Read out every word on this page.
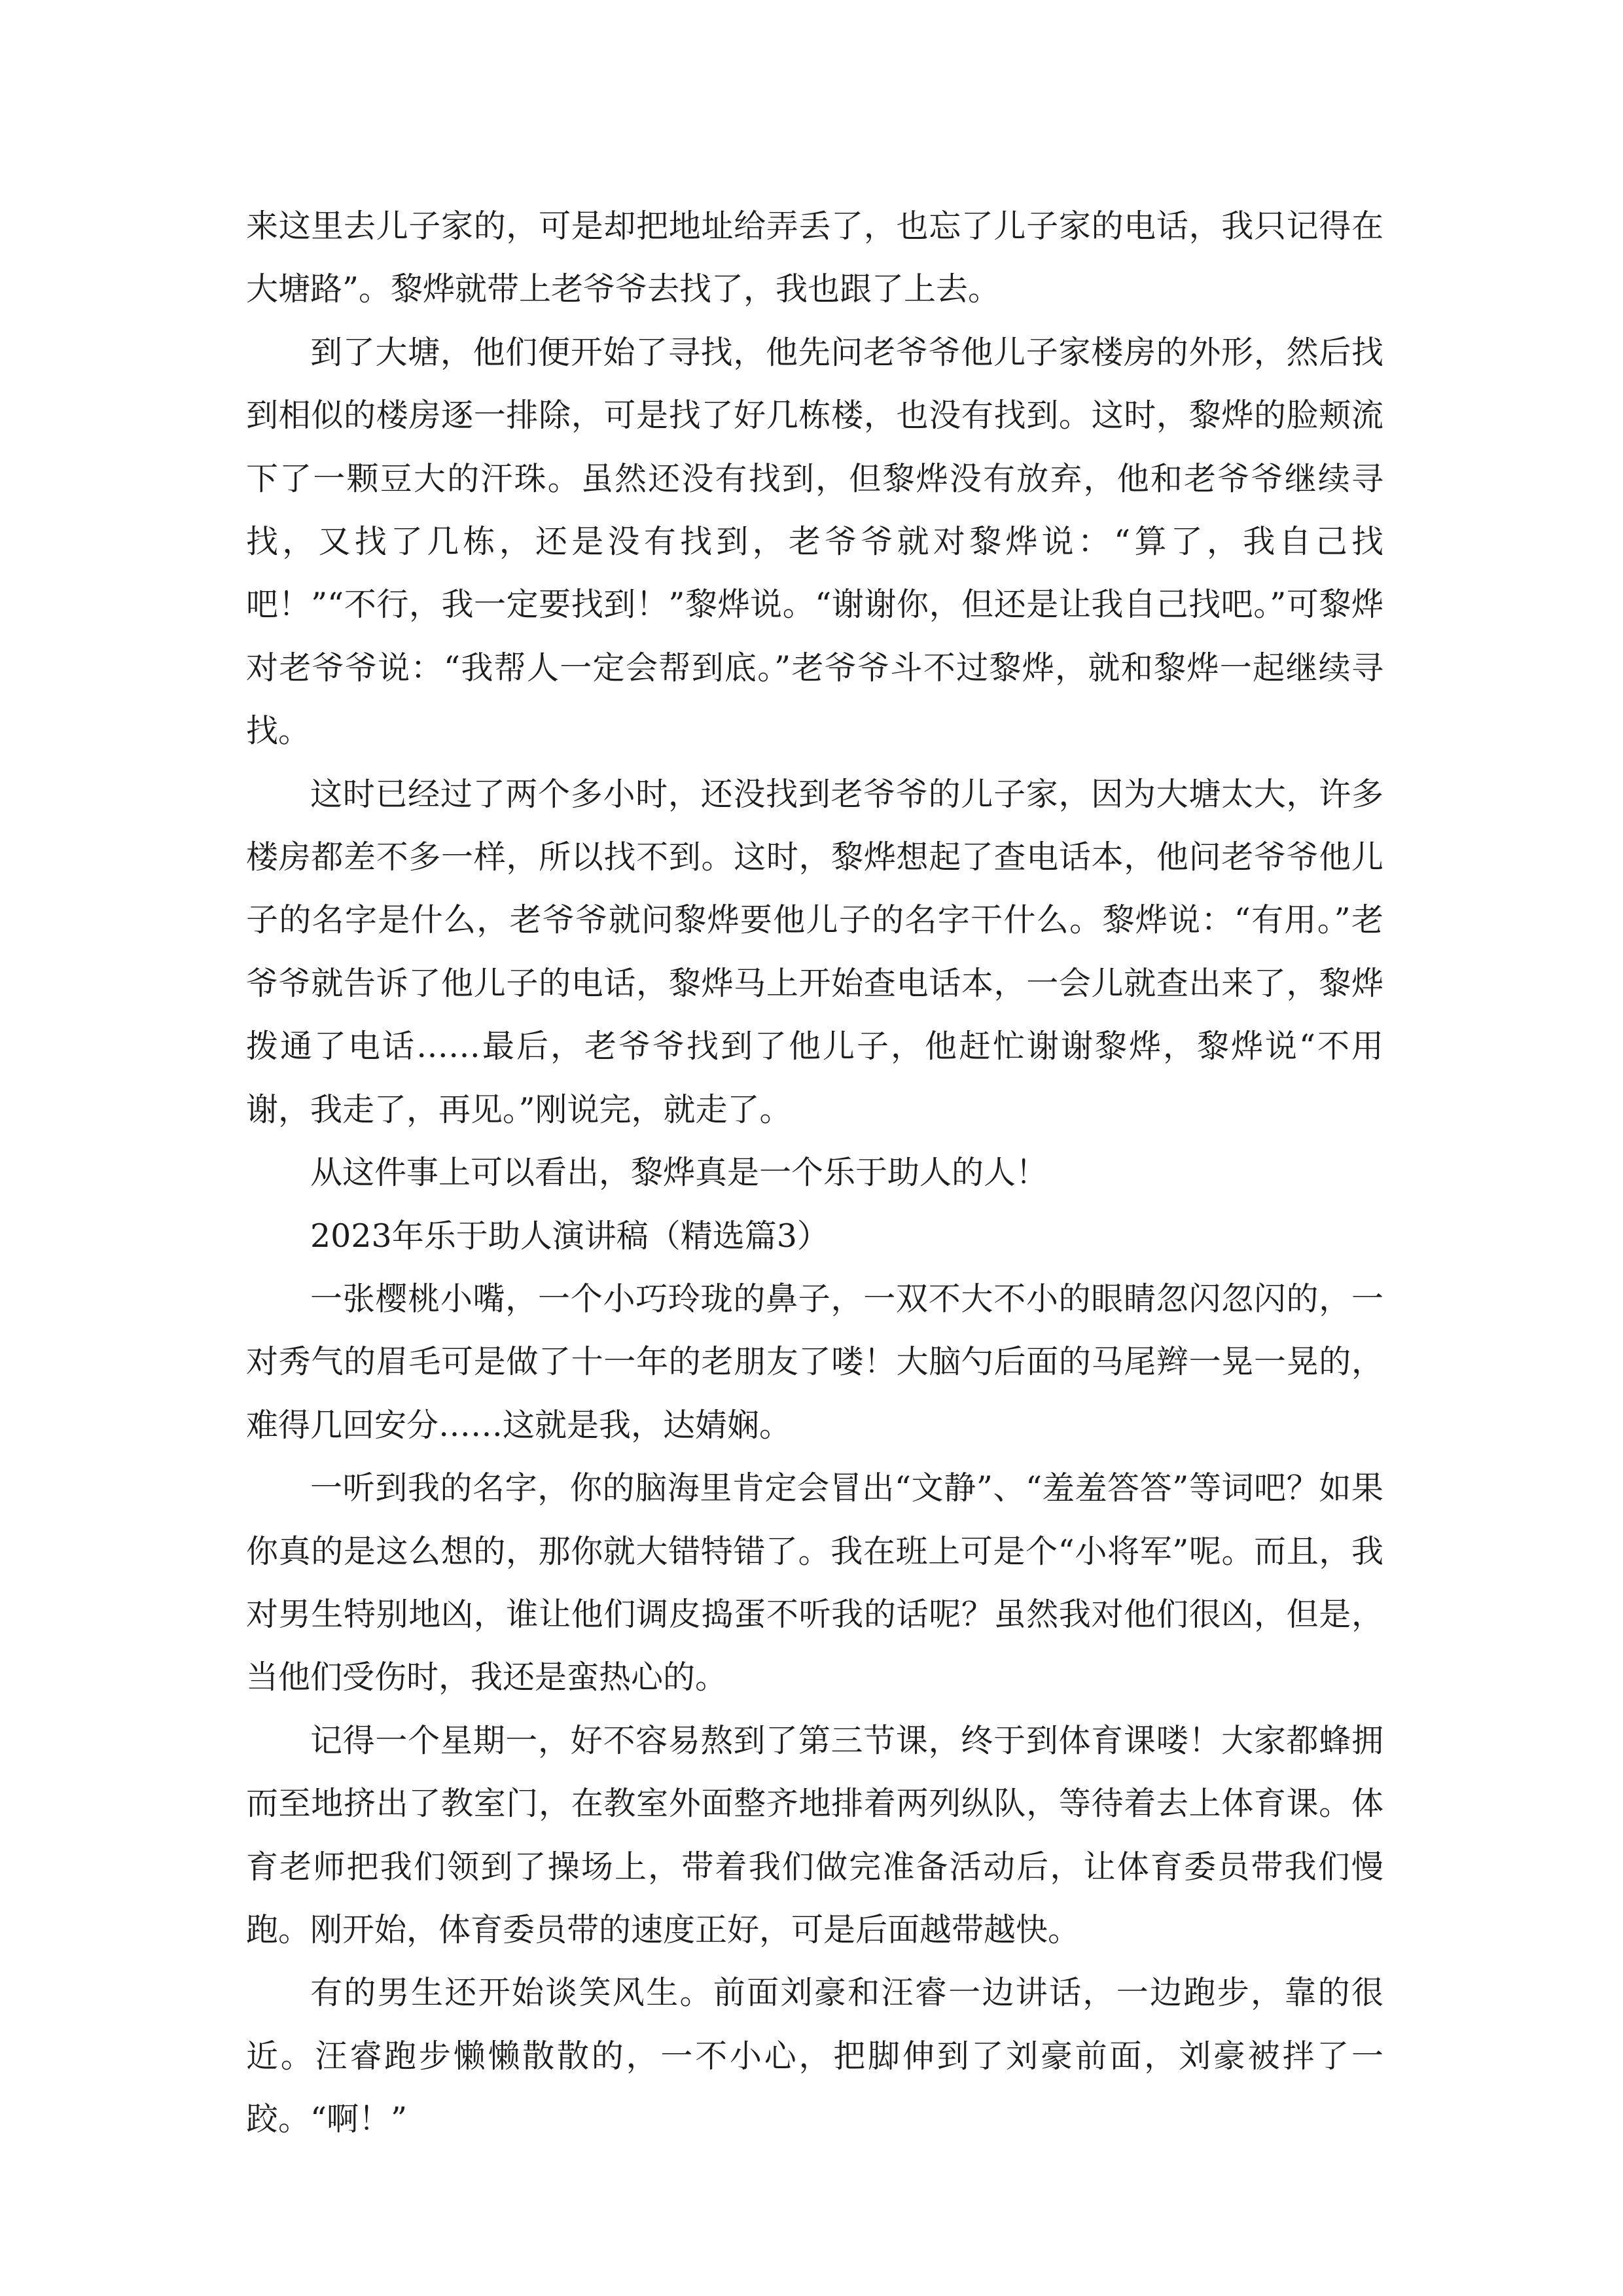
来这里去儿子家的，可是却把地址给弄丢了，也忘了儿子家的电话，我只记得在大塘路”。黎烨就带上老爷爷去找了，我也跟了上去。

到了大塘，他们便开始了寻找，他先问老爷爷他儿子家楼房的外形，然后找到相似的楼房逐一排除，可是找了好几栋楼，也没有找到。这时，黎烨的脸颊流下了一颗豆大的汗珠。虽然还没有找到，但黎烨没有放弃，他和老爷爷继续寻找，又找了几栋，还是没有找到，老爷爷就对黎烨说：“算了，我自己找吧！”“不行，我一定要找到！”黎烨说。“谢谢你，但还是让我自己找吧。”可黎烨对老爷爷说：“我帮人一定会帮到底。”老爷爷斗不过黎烨，就和黎烨一起继续寻找。

这时已经过了两个多小时，还没找到老爷爷的儿子家，因为大塘太大，许多楼房都差不多一样，所以找不到。这时，黎烨想起了查电话本，他问老爷爷他儿子的名字是什么，老爷爷就问黎烨要他儿子的名字干什么。黎烨说：“有用。”老爷爷就告诉了他儿子的电话，黎烨马上开始查电话本，一会儿就查出来了，黎烨拨通了电话……最后，老爷爷找到了他儿子，他赶忙谢谢黎烨，黎烨说“不用谢，我走了，再见。”刚说完，就走了。

从这件事上可以看出，黎烨真是一个乐于助人的人！

2023年乐于助人演讲稿（精选篇3）

一张樱桃小嘴，一个小巧玲珑的鼻子，一双不大不小的眼睛忽闪忽闪的，一对秀气的眉毛可是做了十一年的老朋友了喽！大脑勺后面的马尾辫一晃一晃的，难得几回安分……这就是我，达婧娴。

一听到我的名字，你的脑海里肯定会冒出“文静”、“羞羞答答”等词吧？如果你真的是这么想的，那你就大错特错了。我在班上可是个“小将军”呢。而且，我对男生特别地凶，谁让他们调皮捣蛋不听我的话呢？虽然我对他们很凶，但是，当他们受伤时，我还是蛮热心的。

记得一个星期一，好不容易熬到了第三节课，终于到体育课喽！大家都蜂拥而至地挤出了教室门，在教室外面整齐地排着两列纵队，等待着去上体育课。体育老师把我们领到了操场上，带着我们做完准备活动后，让体育委员带我们慢跑。刚开始，体育委员带的速度正好，可是后面越带越快。

有的男生还开始谈笑风生。前面刘豪和汪睿一边讲话，一边跑步，靠的很近。汪睿跑步懒懒散散的，一不小心，把脚伸到了刘豪前面，刘豪被拌了一跤。“啊！”
